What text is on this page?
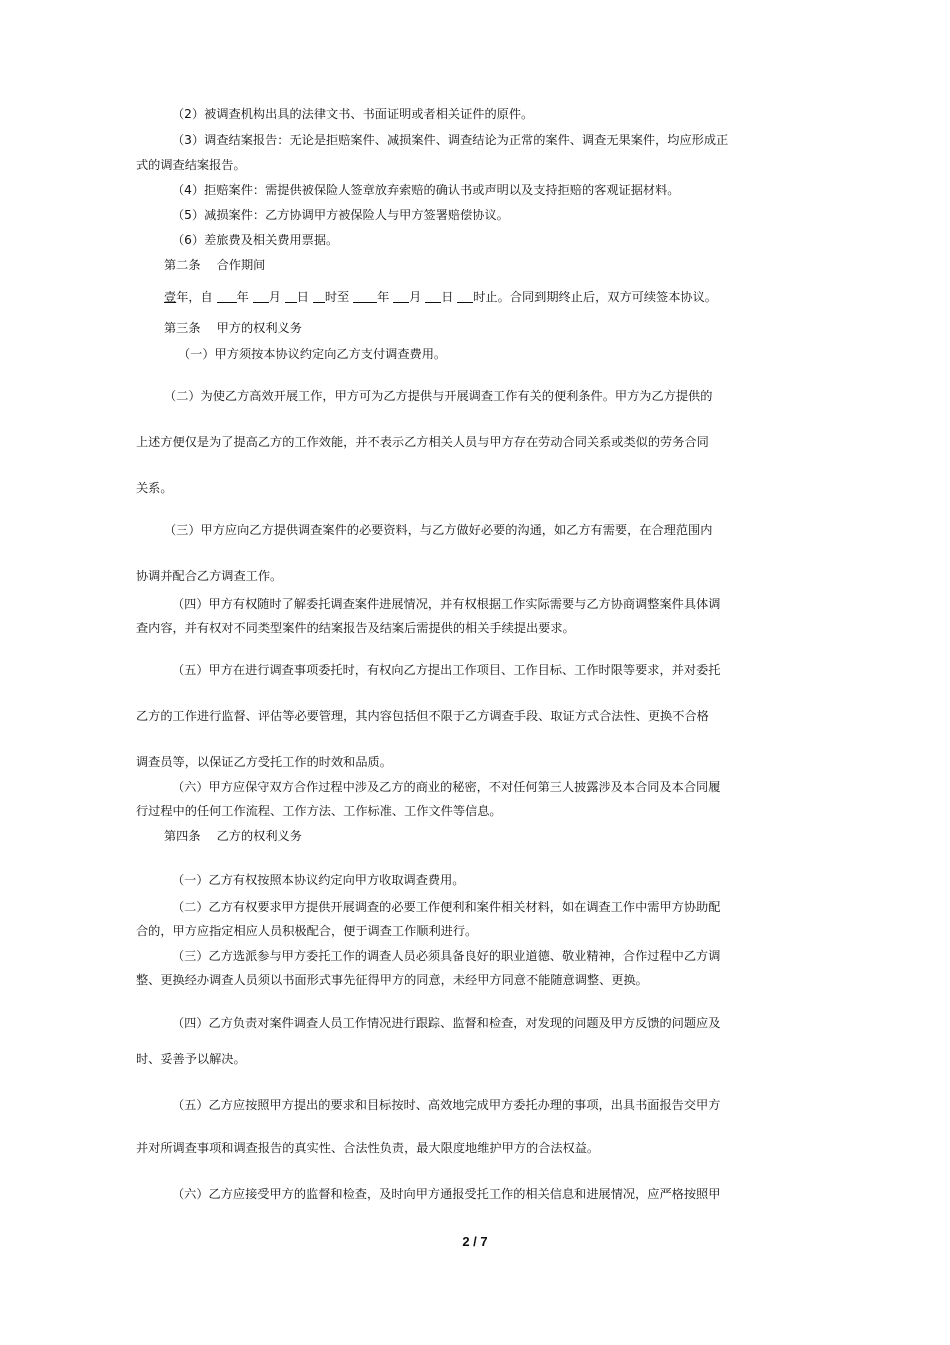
（2）被调查机构出具的法律文书、书面证明或者相关证件的原件。
（3）调查结案报告：无论是拒赔案件、减损案件、调查结论为正常的案件、调查无果案件，均应形成正
式的调查结案报告。
（4）拒赔案件：需提供被保险人签章放弃索赔的确认书或声明以及支持拒赔的客观证据材料。
（5）减损案件：乙方协调甲方被保险人与甲方签署赔偿协议。
（6）差旅费及相关费用票据。
第二条　 合作期间
壹年，自 年 月 日 时至 年 月 日 时止。合同到期终止后，双方可续签本协议。
第三条　 甲方的权利义务
（一）甲方须按本协议约定向乙方支付调查费用。
（二）为使乙方高效开展工作，甲方可为乙方提供与开展调查工作有关的便利条件。甲方为乙方提供的
上述方便仅是为了提高乙方的工作效能，并不表示乙方相关人员与甲方存在劳动合同关系或类似的劳务合同
关系。
（三）甲方应向乙方提供调查案件的必要资料，与乙方做好必要的沟通，如乙方有需要，在合理范围内
协调并配合乙方调查工作。
（四）甲方有权随时了解委托调查案件进展情况，并有权根据工作实际需要与乙方协商调整案件具体调
查内容，并有权对不同类型案件的结案报告及结案后需提供的相关手续提出要求。
（五）甲方在进行调查事项委托时，有权向乙方提出工作项目、工作目标、工作时限等要求，并对委托
乙方的工作进行监督、评估等必要管理，其内容包括但不限于乙方调查手段、取证方式合法性、更换不合格
调查员等，以保证乙方受托工作的时效和品质。
（六）甲方应保守双方合作过程中涉及乙方的商业的秘密，不对任何第三人披露涉及本合同及本合同履
行过程中的任何工作流程、工作方法、工作标准、工作文件等信息。
第四条　 乙方的权利义务
（一）乙方有权按照本协议约定向甲方收取调查费用。
（二）乙方有权要求甲方提供开展调查的必要工作便利和案件相关材料，如在调查工作中需甲方协助配
合的，甲方应指定相应人员积极配合，便于调查工作顺利进行。
（三）乙方选派参与甲方委托工作的调查人员必须具备良好的职业道德、敬业精神，合作过程中乙方调
整、更换经办调查人员须以书面形式事先征得甲方的同意，未经甲方同意不能随意调整、更换。
（四）乙方负责对案件调查人员工作情况进行跟踪、监督和检查，对发现的问题及甲方反馈的问题应及
时、妥善予以解决。
（五）乙方应按照甲方提出的要求和目标按时、高效地完成甲方委托办理的事项，出具书面报告交甲方
并对所调查事项和调查报告的真实性、合法性负责，最大限度地维护甲方的合法权益。
（六）乙方应接受甲方的监督和检查，及时向甲方通报受托工作的相关信息和进展情况，应严格按照甲
2 / 7
